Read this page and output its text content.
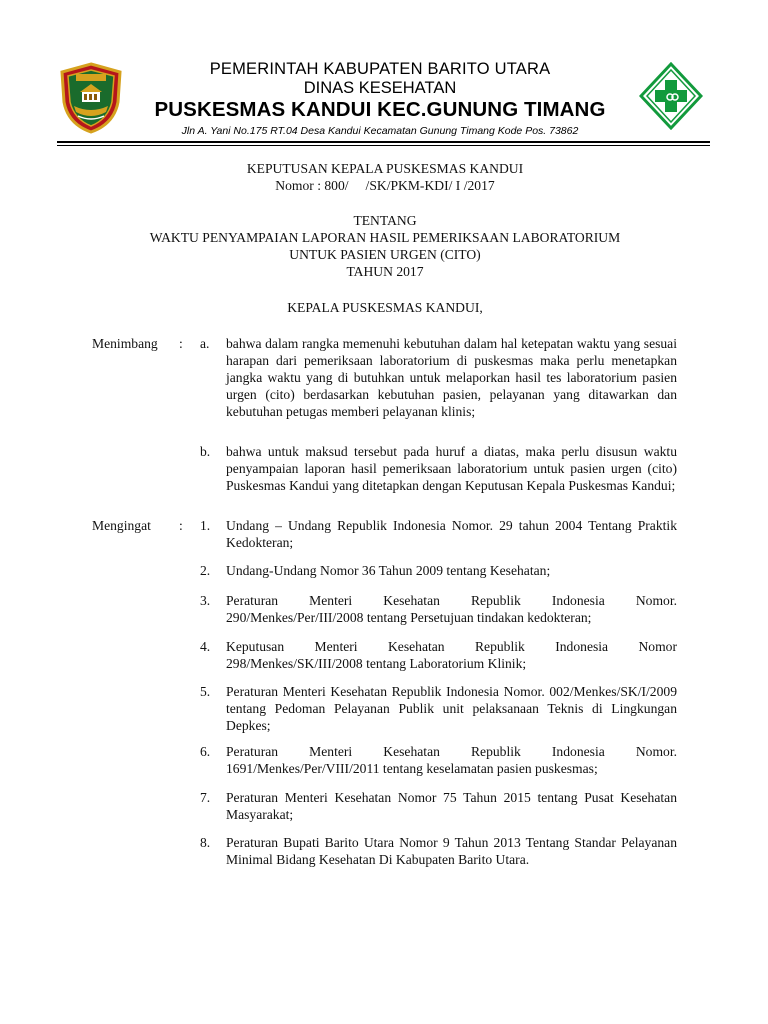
PEMERINTAH KABUPATEN BARITO UTARA
DINAS KESEHATAN
PUSKESMAS KANDUI KEC.GUNUNG TIMANG
Jln A. Yani No.175 RT.04 Desa Kandui Kecamatan Gunung Timang Kode Pos. 73862
KEPUTUSAN KEPALA PUSKESMAS KANDUI
Nomor : 800/     /SK/PKM-KDI/ I /2017
TENTANG
WAKTU PENYAMPAIAN LAPORAN HASIL PEMERIKSAAN LABORATORIUM
UNTUK PASIEN URGEN (CITO)
TAHUN 2017
KEPALA PUSKESMAS KANDUI,
Menimbang : a.	bahwa dalam rangka memenuhi kebutuhan dalam hal ketepatan waktu yang sesuai harapan dari pemeriksaan laboratorium di puskesmas maka perlu menetapkan jangka waktu yang di butuhkan untuk melaporkan hasil tes laboratorium pasien urgen (cito) berdasarkan kebutuhan pasien, pelayanan yang ditawarkan dan kebutuhan petugas memberi pelayanan klinis;
b.	bahwa untuk maksud tersebut pada huruf a diatas, maka perlu disusun waktu penyampaian laporan hasil pemeriksaan laboratorium untuk pasien urgen (cito) Puskesmas Kandui yang ditetapkan dengan Keputusan Kepala Puskesmas Kandui;
Mengingat : 1.	Undang – Undang Republik Indonesia Nomor. 29 tahun 2004 Tentang Praktik Kedokteran;
2.	Undang-Undang Nomor 36 Tahun 2009 tentang Kesehatan;
3.	Peraturan Menteri Kesehatan Republik Indonesia Nomor. 290/Menkes/Per/III/2008 tentang Persetujuan tindakan kedokteran;
4.	Keputusan Menteri Kesehatan Republik Indonesia Nomor 298/Menkes/SK/III/2008 tentang Laboratorium Klinik;
5.	Peraturan Menteri Kesehatan Republik Indonesia Nomor. 002/Menkes/SK/I/2009 tentang Pedoman Pelayanan Publik unit pelaksanaan Teknis di Lingkungan Depkes;
6.	Peraturan Menteri Kesehatan Republik Indonesia Nomor. 1691/Menkes/Per/VIII/2011 tentang keselamatan pasien puskesmas;
7.	Peraturan Menteri Kesehatan Nomor 75 Tahun 2015 tentang Pusat Kesehatan Masyarakat;
8.	Peraturan Bupati Barito Utara Nomor 9 Tahun 2013 Tentang Standar Pelayanan Minimal Bidang Kesehatan Di Kabupaten Barito Utara.
